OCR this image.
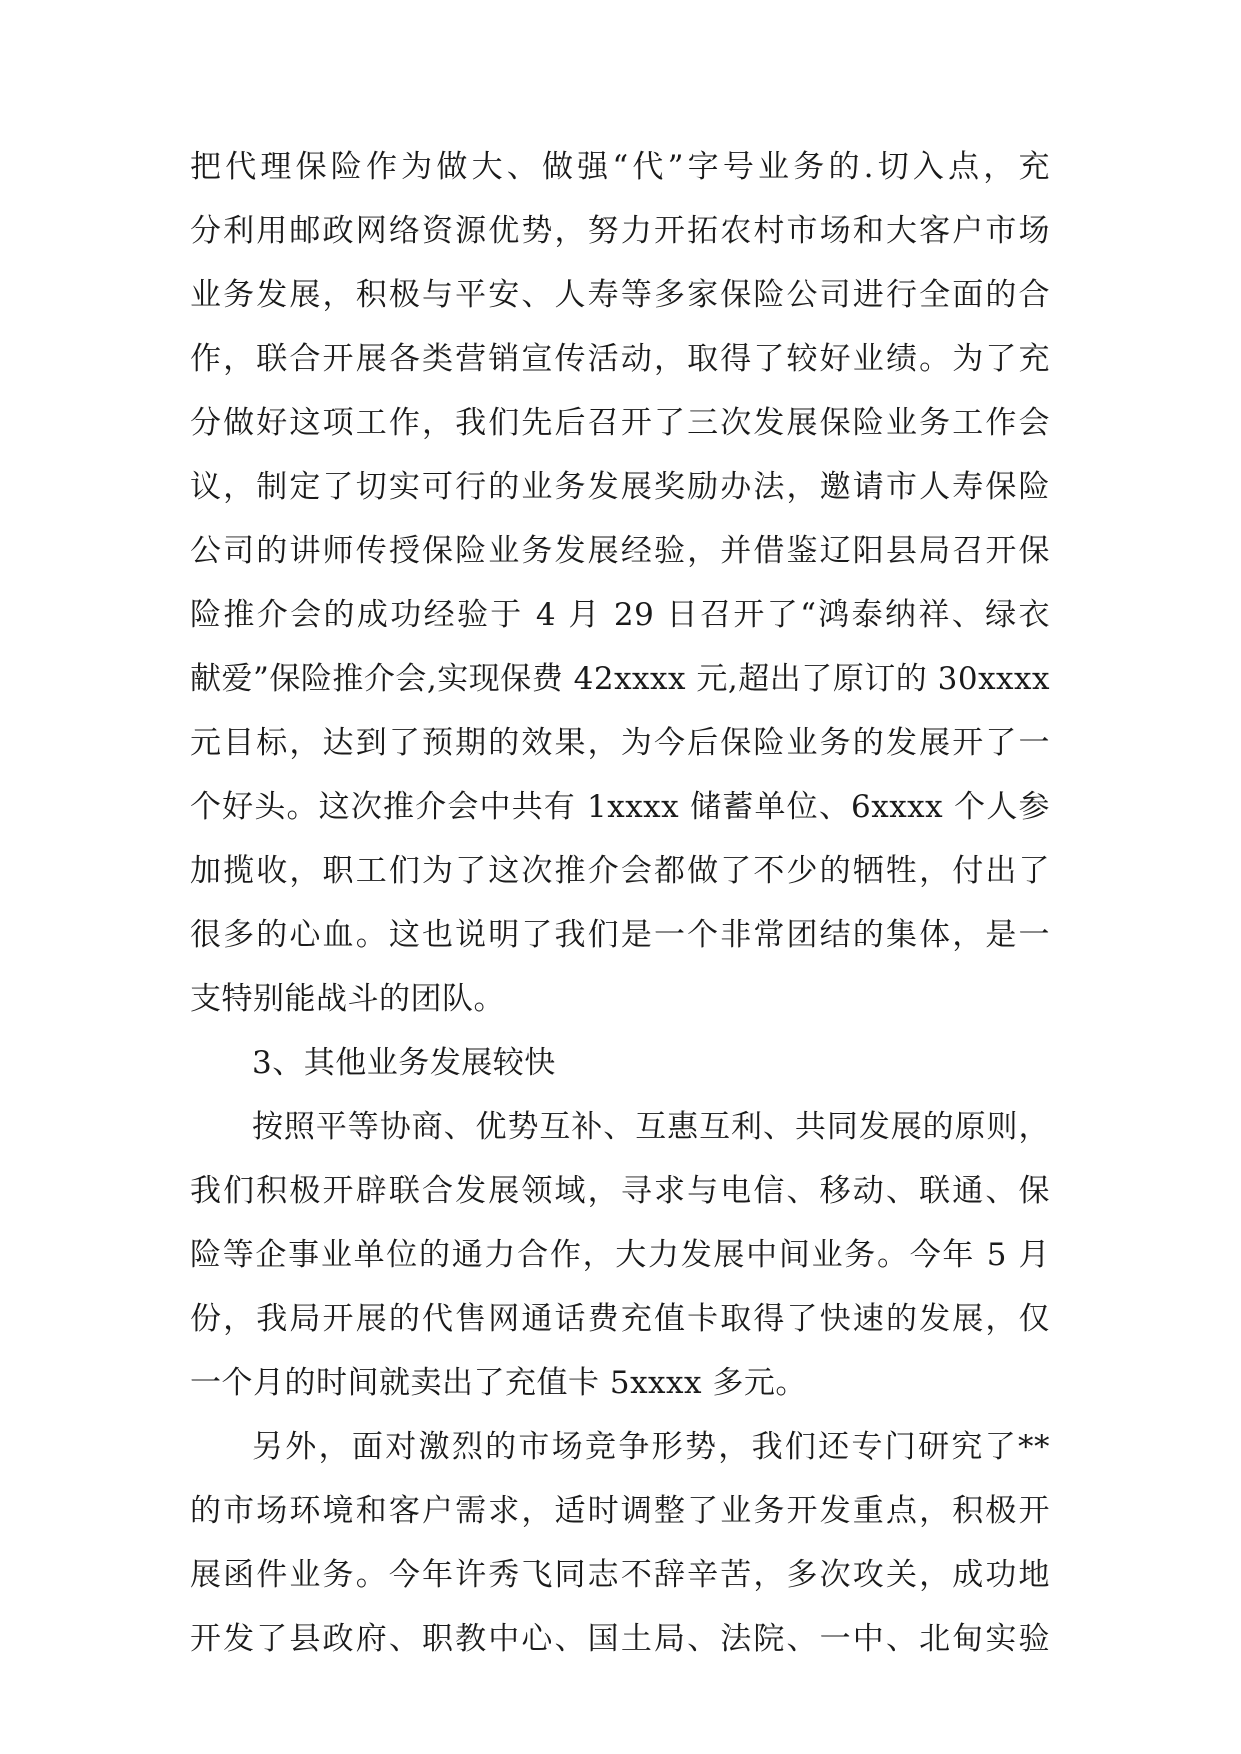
把代理保险作为做大、做强“代”字号业务的.切入点，充
分利用邮政网络资源优势，努力开拓农村市场和大客户市场
业务发展，积极与平安、人寿等多家保险公司进行全面的合
作，联合开展各类营销宣传活动，取得了较好业绩。为了充
分做好这项工作，我们先后召开了三次发展保险业务工作会
议，制定了切实可行的业务发展奖励办法，邀请市人寿保险
公司的讲师传授保险业务发展经验，并借鉴辽阳县局召开保
险推介会的成功经验于 4 月 29 日召开了“鸿泰纳祥、绿衣
献爱”保险推介会,实现保费 42xxxx 元,超出了原订的 30xxxx
元目标，达到了预期的效果，为今后保险业务的发展开了一
个好头。这次推介会中共有 1xxxx 储蓄单位、6xxxx 个人参
加揽收，职工们为了这次推介会都做了不少的牺牲，付出了
很多的心血。这也说明了我们是一个非常团结的集体，是一
支特别能战斗的团队。
3、其他业务发展较快
按照平等协商、优势互补、互惠互利、共同发展的原则，
我们积极开辟联合发展领域，寻求与电信、移动、联通、保
险等企事业单位的通力合作，大力发展中间业务。今年 5 月
份，我局开展的代售网通话费充值卡取得了快速的发展，仅
一个月的时间就卖出了充值卡 5xxxx 多元。
另外，面对激烈的市场竞争形势，我们还专门研究了**
的市场环境和客户需求，适时调整了业务开发重点，积极开
展函件业务。今年许秀飞同志不辞辛苦，多次攻关，成功地
开发了县政府、职教中心、国土局、法院、一中、北甸实验
